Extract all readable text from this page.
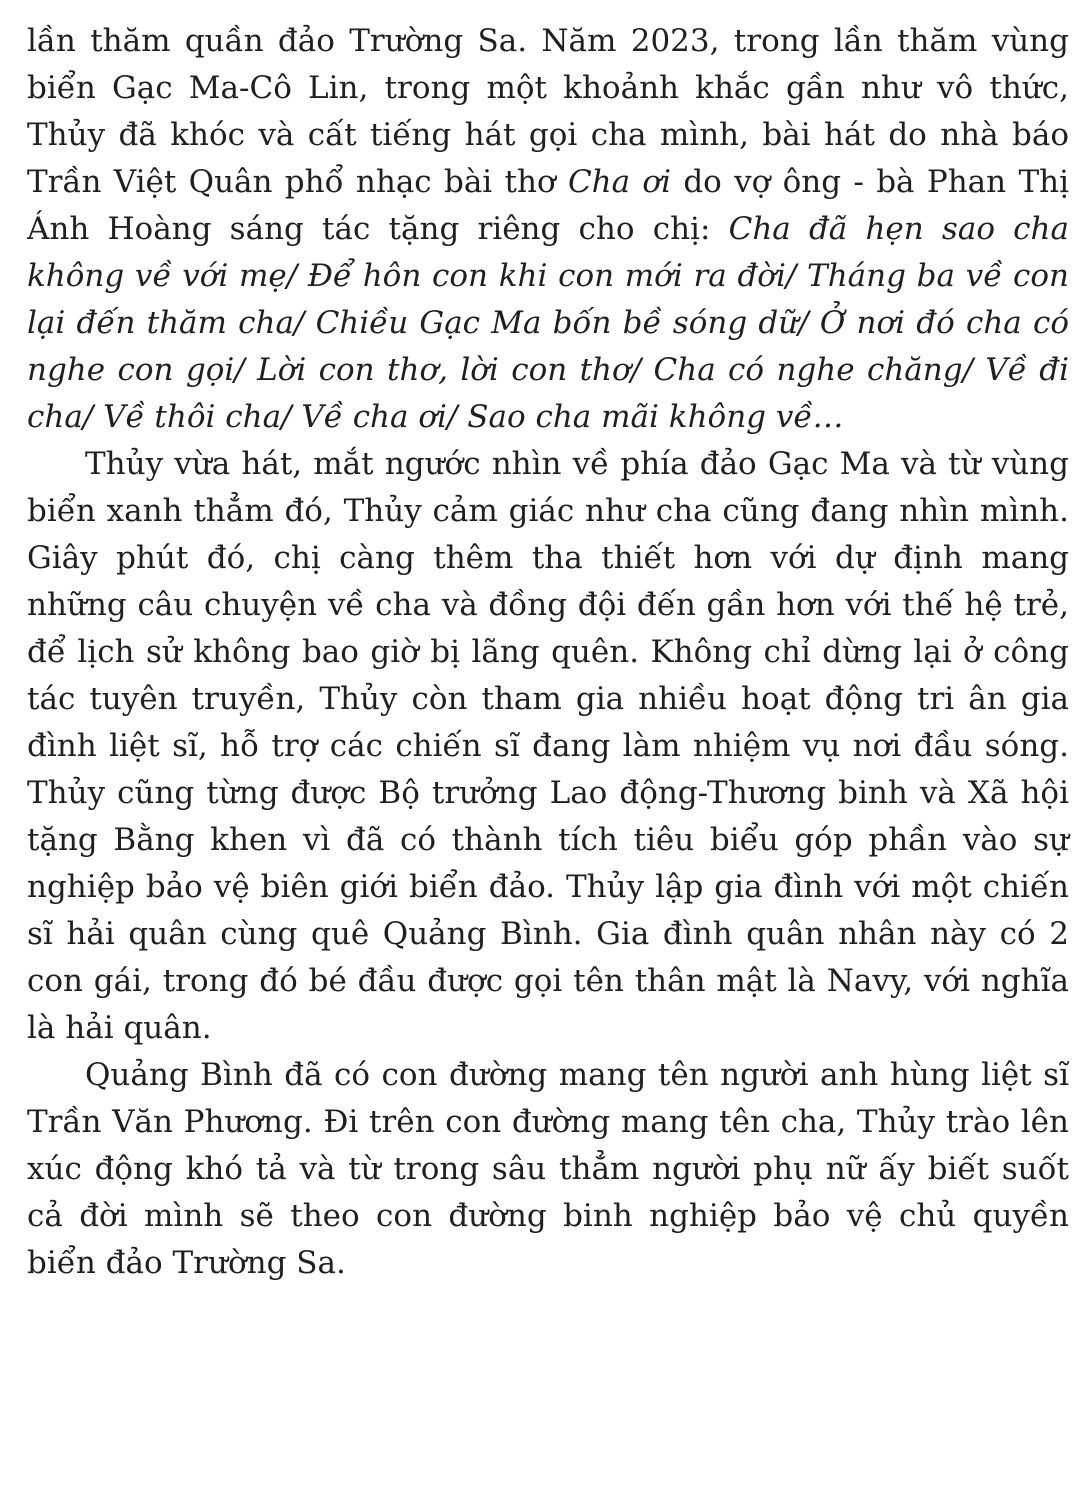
lần thăm quần đảo Trường Sa. Năm 2023, trong lần thăm vùng biển Gạc Ma-Cô Lin, trong một khoảnh khắc gần như vô thức, Thủy đã khóc và cất tiếng hát gọi cha mình, bài hát do nhà báo Trần Việt Quân phổ nhạc bài thơ Cha ơi do vợ ông - bà Phan Thị Ánh Hoàng sáng tác tặng riêng cho chị: Cha đã hẹn sao cha không về với mẹ/ Để hôn con khi con mới ra đời/ Tháng ba về con lại đến thăm cha/ Chiều Gạc Ma bốn bề sóng dữ/ Ở nơi đó cha có nghe con gọi/ Lời con thơ, lời con thơ/ Cha có nghe chăng/ Về đi cha/ Về thôi cha/ Về cha ơi/ Sao cha mãi không về…

Thủy vừa hát, mắt ngước nhìn về phía đảo Gạc Ma và từ vùng biển xanh thẳm đó, Thủy cảm giác như cha cũng đang nhìn mình. Giây phút đó, chị càng thêm tha thiết hơn với dự định mang những câu chuyện về cha và đồng đội đến gần hơn với thế hệ trẻ, để lịch sử không bao giờ bị lãng quên. Không chỉ dừng lại ở công tác tuyên truyền, Thủy còn tham gia nhiều hoạt động tri ân gia đình liệt sĩ, hỗ trợ các chiến sĩ đang làm nhiệm vụ nơi đầu sóng. Thủy cũng từng được Bộ trưởng Lao động-Thương binh và Xã hội tặng Bằng khen vì đã có thành tích tiêu biểu góp phần vào sự nghiệp bảo vệ biên giới biển đảo. Thủy lập gia đình với một chiến sĩ hải quân cùng quê Quảng Bình. Gia đình quân nhân này có 2 con gái, trong đó bé đầu được gọi tên thân mật là Navy, với nghĩa là hải quân.

Quảng Bình đã có con đường mang tên người anh hùng liệt sĩ Trần Văn Phương. Đi trên con đường mang tên cha, Thủy trào lên xúc động khó tả và từ trong sâu thẳm người phụ nữ ấy biết suốt cả đời mình sẽ theo con đường binh nghiệp bảo vệ chủ quyền biển đảo Trường Sa.
